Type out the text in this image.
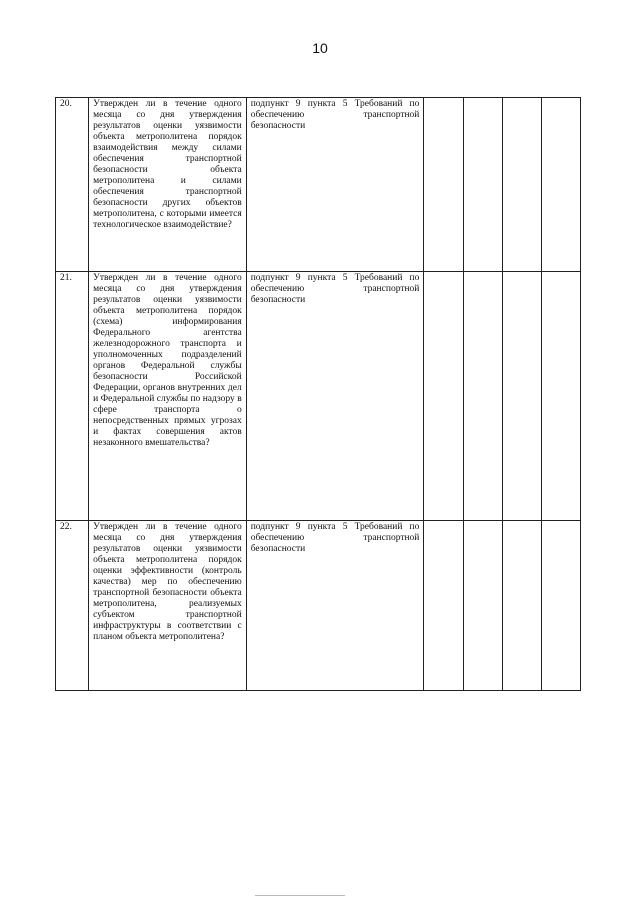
10
20.	Утвержден ли в течение одного месяца со дня утверждения результатов оценки уязвимости объекта метрополитена порядок взаимодействия между силами обеспечения транспортной безопасности объекта метрополитена и силами обеспечения транспортной безопасности других объектов метрополитена, с которыми имеется технологическое взаимодействие?	подпункт 9 пункта 5 Требований по обеспечению транспортной безопасности				
21.	Утвержден ли в течение одного месяца со дня утверждения результатов оценки уязвимости объекта метрополитена порядок (схема) информирования Федерального агентства железнодорожного транспорта и уполномоченных подразделений органов Федеральной службы безопасности Российской Федерации, органов внутренних дел и Федеральной службы по надзору в сфере транспорта о непосредственных прямых угрозах и фактах совершения актов незаконного вмешательства?	подпункт 9 пункта 5 Требований по обеспечению транспортной безопасности				
22.	Утвержден ли в течение одного месяца со дня утверждения результатов оценки уязвимости объекта метрополитена порядок оценки эффективности (контроль качества) мер по обеспечению транспортной безопасности объекта метрополитена, реализуемых субъектом транспортной инфраструктуры в соответствии с планом объекта метрополитена?	подпункт 9 пункта 5 Требований по обеспечению транспортной безопасности				
